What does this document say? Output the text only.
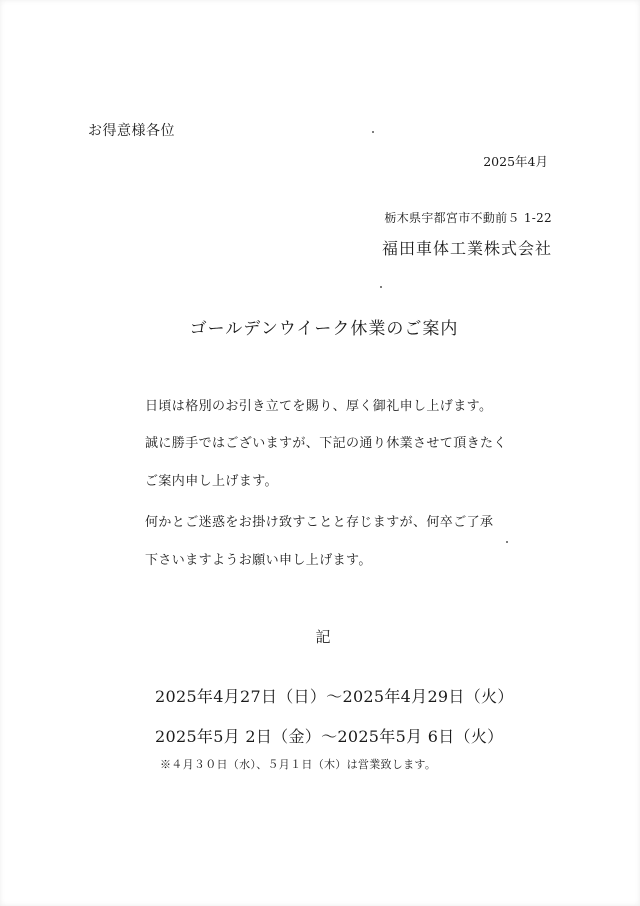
お得意様各位
2025年4月
栃木県宇都宮市不動前５ 1-22
福田車体工業株式会社
ゴールデンウイーク休業のご案内
日頃は格別のお引き立てを賜り、厚く御礼申し上げます。
誠に勝手ではございますが、下記の通り休業させて頂きたく
ご案内申し上げます。
何かとご迷惑をお掛け致すことと存じますが、何卒ご了承
下さいますようお願い申し上げます。
記
2025年4月27日（日）～2025年4月29日（火）
2025年5月 2日（金）～2025年5月 6日（火）
※４月３０日（水）、５月１日（木）は営業致します。
